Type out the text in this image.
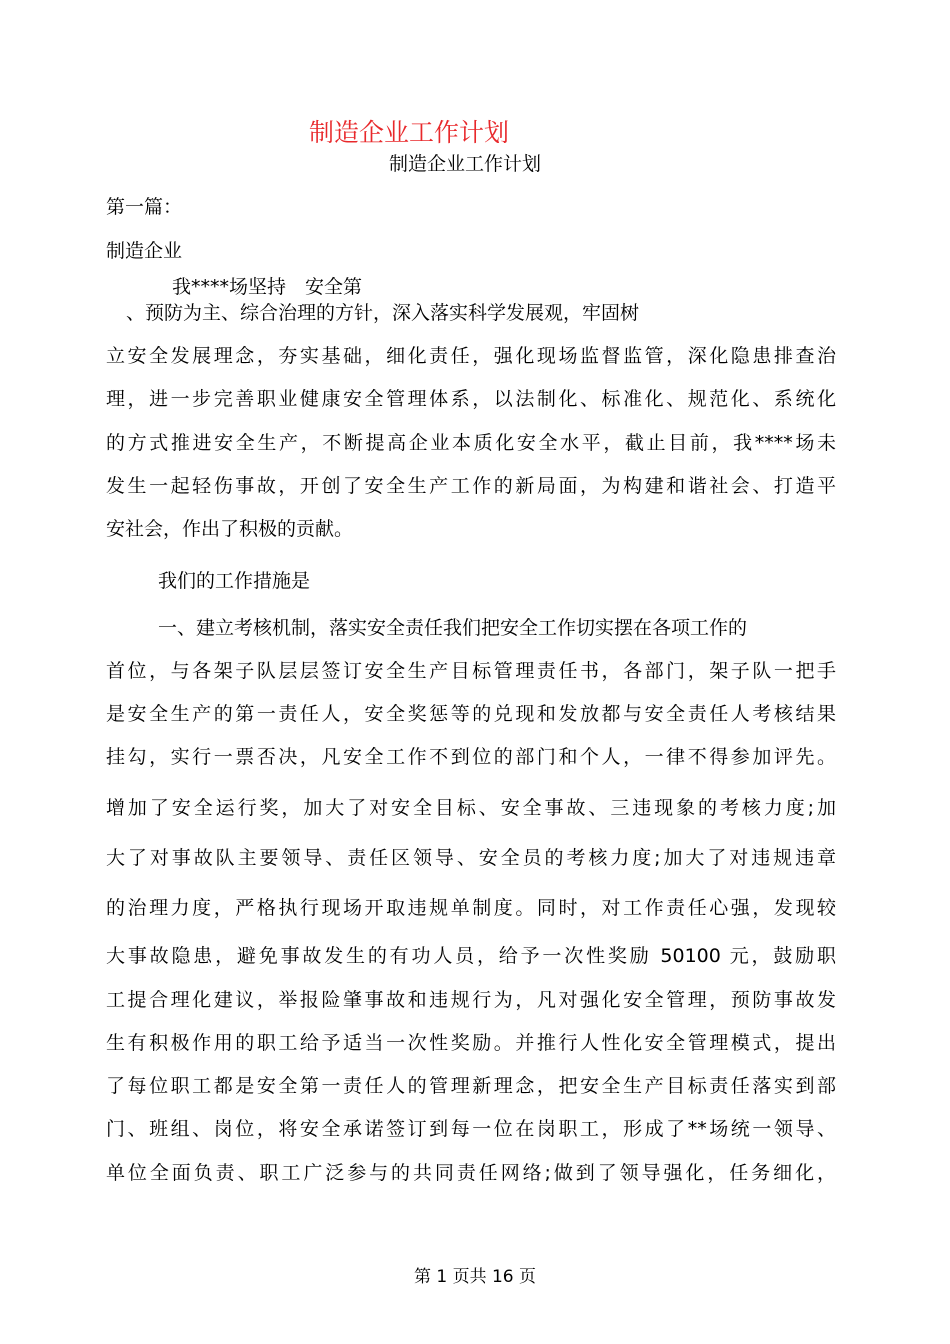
制造企业工作计划
制造企业工作计划
第一篇：
制造企业
我****场坚持　安全第
、预防为主、综合治理的方针，深入落实科学发展观，牢固树
立安全发展理念，夯实基础，细化责任，强化现场监督监管，深化隐患排查治
理，进一步完善职业健康安全管理体系，以法制化、标准化、规范化、系统化
的方式推进安全生产，不断提高企业本质化安全水平，截止目前，我****场未
发生一起轻伤事故，开创了安全生产工作的新局面，为构建和谐社会、打造平
安社会，作出了积极的贡献。
我们的工作措施是
一、建立考核机制，落实安全责任我们把安全工作切实摆在各项工作的
首位，与各架子队层层签订安全生产目标管理责任书，各部门，架子队一把手
是安全生产的第一责任人，安全奖惩等的兑现和发放都与安全责任人考核结果
挂勾，实行一票否决，凡安全工作不到位的部门和个人，一律不得参加评先。
增加了安全运行奖，加大了对安全目标、安全事故、三违现象的考核力度;加
大了对事故队主要领导、责任区领导、安全员的考核力度;加大了对违规违章
的治理力度，严格执行现场开取违规单制度。同时，对工作责任心强，发现较
大事故隐患，避免事故发生的有功人员，给予一次性奖励 50100 元，鼓励职
工提合理化建议，举报险肇事故和违规行为，凡对强化安全管理，预防事故发
生有积极作用的职工给予适当一次性奖励。并推行人性化安全管理模式，提出
了每位职工都是安全第一责任人的管理新理念，把安全生产目标责任落实到部
门、班组、岗位，将安全承诺签订到每一位在岗职工，形成了**场统一领导、
单位全面负责、职工广泛参与的共同责任网络;做到了领导强化，任务细化，
第 1 页共 16 页
